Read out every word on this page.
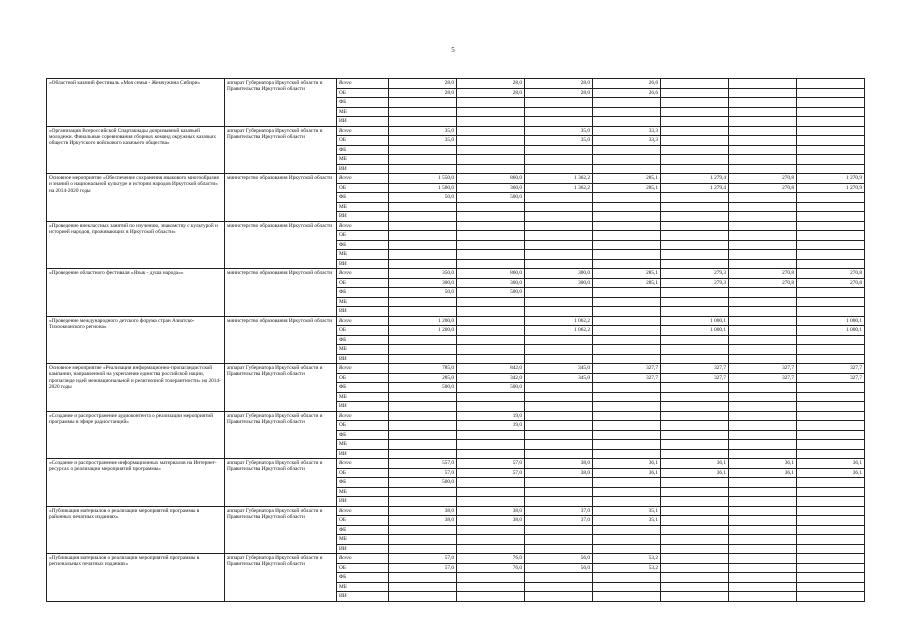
5
«Областной казачий фестиваль «Моя семья - Жемчужина Сибири»	аппарат Губернатора Иркутской области и Правительства Иркутской области	Всего	28,0	28,0	28,0	26,6			
		ОБ	28,0	28,0	28,0	26,6			
		ФБ							
		МБ							
		ИИ							
«Организация Всероссийской Спартакиады допризывной казачьей молодежи. Финальные соревнования сборных команд окружных казачьих обществ Иркутского войскового казачьего общества»	аппарат Губернатора Иркутской области и Правительства Иркутской области	Всего	35,0		35,0	33,3			
		ОБ	35,0		35,0	33,3			
		ФБ							
		МБ							
		ИИ							
Основное мероприятие «Обеспечение сохранения языкового многообразия и знаний о национальной культуре и истории народов Иркутской области» на 2014-2020 годы	министерство образования Иркутской области	Всего	1 550,0	860,0	1 362,2	285,1	1 279,4	270,8	1 270,9
		ОБ	1 500,0	360,0	1 362,2	285,1	1 279,4	270,8	1 270,9
		ФБ	50,0	500,0					
		МБ							
		ИИ							
«Проведение внеклассных занятий по изучению, знакомству с культурой и историей народов, проживающих в Иркутской области»	министерство образования Иркутской области	Всего							
		ОБ							
		ФБ							
		МБ							
		ИИ							
«Проведение областного фестиваля «Язык - душа народа»»	министерство образования Иркутской области	Всего	350,0	860,0	300,0	285,1	279,3	270,8	270,8
		ОБ	300,0	360,0	300,0	285,1	279,3	270,8	270,8
		ФБ	50,0	500,0					
		МБ							
		ИИ							
«Проведение международного детского форума стран Азиатско-Тихоокеанского региона»	министерство образования Иркутской области	Всего	1 200,0		1 062,2		1 000,1		1 000,1
		ОБ	1 200,0		1 062,2		1 000,1		1 000,1
		ФБ							
		МБ							
		ИИ							
Основное мероприятие «Реализация информационно-пропагандистской кампании, направленной на укрепление единства российской нации, пропаганде идей межнациональной и религиозной толерантности» на 2014-2020 годы	аппарат Губернатора Иркутской области и Правительства Иркутской области	Всего	785,0	842,0	345,0	327,7	327,7	327,7	327,7
		ОБ	285,0	342,0	345,0	327,7	327,7	327,7	327,7
		ФБ	500,0	500,0					
		МБ							
		ИИ							
«Создание и распространение аудиоконтента о реализации мероприятий программы в эфире радиостанций»	аппарат Губернатора Иркутской области и Правительства Иркутской области	Всего		19,0					
		ОБ		19,0					
		ФБ							
		МБ							
		ИИ							
«Создание и распространение информационных материалов на Интернет-ресурсах о реализации мероприятий программы»	аппарат Губернатора Иркутской области и Правительства Иркутской области	Всего	557,0	57,0	38,0	36,1	36,1	36,1	36,1
		ОБ	57,0	57,0	38,0	36,1	36,1	36,1	36,1
		ФБ	500,0						
		МБ							
		ИИ							
«Публикация материалов о реализации мероприятий программы в районных печатных изданиях»	аппарат Губернатора Иркутской области и Правительства Иркутской области	Всего	38,0	38,0	37,0	35,1			
		ОБ	38,0	38,0	37,0	35,1			
		ФБ							
		МБ							
		ИИ							
«Публикация материалов о реализации мероприятий программы в региональных печатных изданиях»	аппарат Губернатора Иркутской области и Правительства Иркутской области	Всего	57,0	76,0	56,0	53,2			
		ОБ	57,0	76,0	56,0	53,2			
		ФБ							
		МБ							
		ИИ							
